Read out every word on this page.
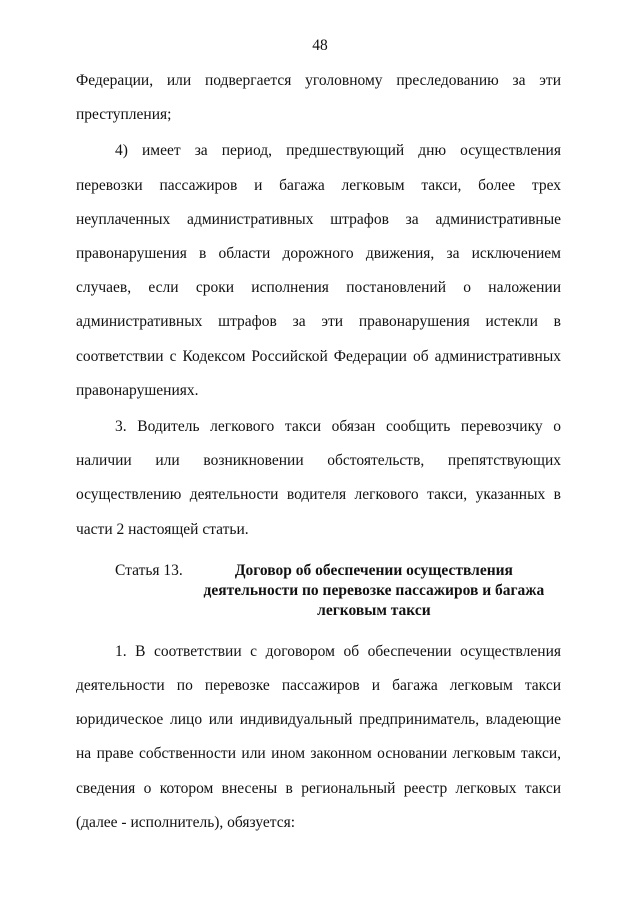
48

Федерации, или подвергается уголовному преследованию за эти преступления;

4) имеет за период, предшествующий дню осуществления перевозки пассажиров и багажа легковым такси, более трех неуплаченных административных штрафов за административные правонарушения в области дорожного движения, за исключением случаев, если сроки исполнения постановлений о наложении административных штрафов за эти правонарушения истекли в соответствии с Кодексом Российской Федерации об административных правонарушениях.

3. Водитель легкового такси обязан сообщить перевозчику о наличии или возникновении обстоятельств, препятствующих осуществлению деятельности водителя легкового такси, указанных в части 2 настоящей статьи.

Статья 13.	Договор об обеспечении осуществления деятельности по перевозке пассажиров и багажа легковым такси

1. В соответствии с договором об обеспечении осуществления деятельности по перевозке пассажиров и багажа легковым такси юридическое лицо или индивидуальный предприниматель, владеющие на праве собственности или ином законном основании легковым такси, сведения о котором внесены в региональный реестр легковых такси (далее - исполнитель), обязуется:
